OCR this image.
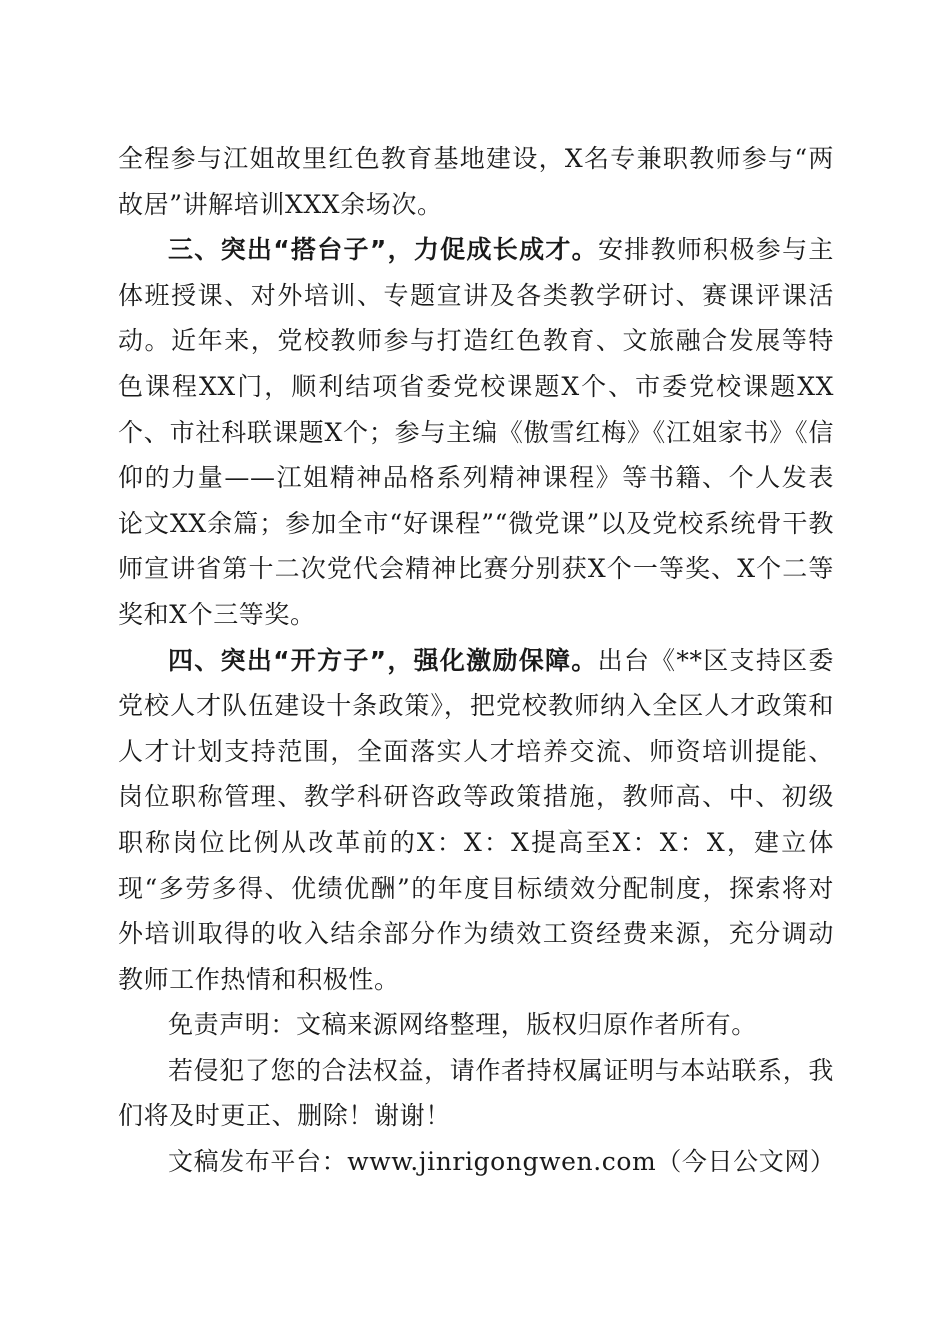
全程参与江姐故里红色教育基地建设，X名专兼职教师参与“两故居”讲解培训XXX余场次。

三、突出“搭台子”，力促成长成才。安排教师积极参与主体班授课、对外培训、专题宣讲及各类教学研讨、赛课评课活动。近年来，党校教师参与打造红色教育、文旅融合发展等特色课程XX门，顺利结项省委党校课题X个、市委党校课题XX个、市社科联课题X个；参与主编《傲雪红梅》《江姐家书》《信仰的力量——江姐精神品格系列精神课程》等书籍、个人发表论文XX余篇；参加全市“好课程”“微党课”以及党校系统骨干教师宣讲省第十二次党代会精神比赛分别获X个一等奖、X个二等奖和X个三等奖。

四、突出“开方子”，强化激励保障。出台《**区支持区委党校人才队伍建设十条政策》，把党校教师纳入全区人才政策和人才计划支持范围，全面落实人才培养交流、师资培训提能、岗位职称管理、教学科研咨政等政策措施，教师高、中、初级职称岗位比例从改革前的X：X：X提高至X：X：X，建立体现“多劳多得、优绩优酬”的年度目标绩效分配制度，探索将对外培训取得的收入结余部分作为绩效工资经费来源，充分调动教师工作热情和积极性。

免责声明：文稿来源网络整理，版权归原作者所有。

若侵犯了您的合法权益，请作者持权属证明与本站联系，我们将及时更正、删除！谢谢！

文稿发布平台：www.jinrigongwen.com（今日公文网）
